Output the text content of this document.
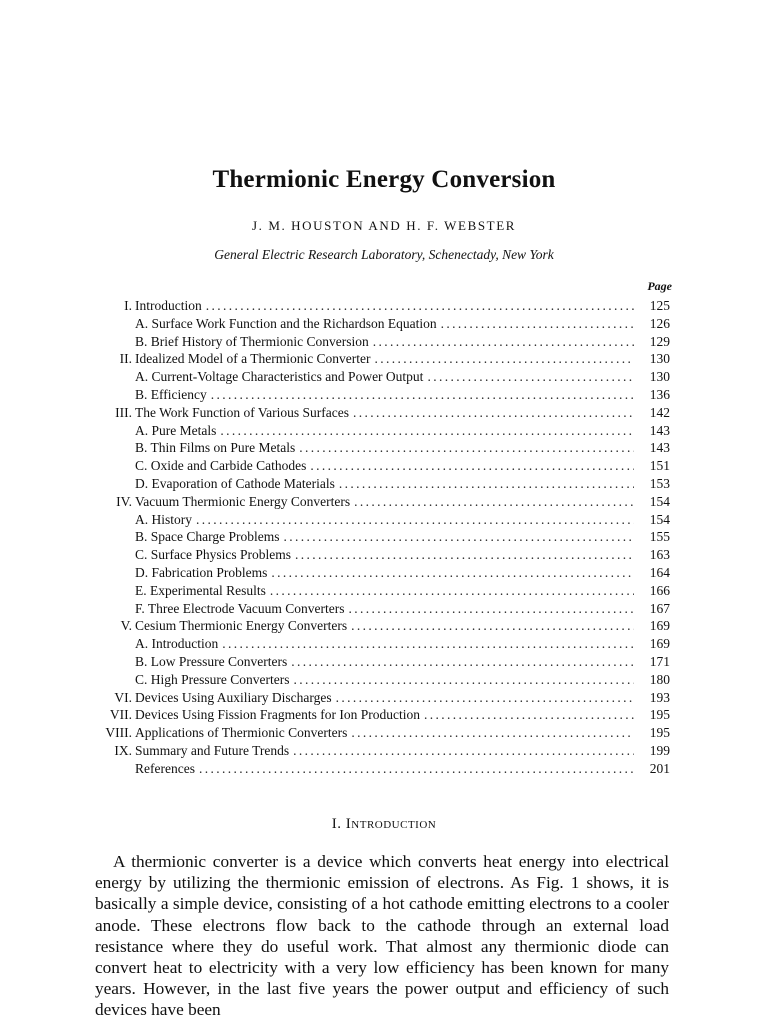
Thermionic Energy Conversion
J. M. HOUSTON AND H. F. WEBSTER
General Electric Research Laboratory, Schenectady, New York
Page
I. Introduction . . .	125
A. Surface Work Function and the Richardson Equation . . .	126
B. Brief History of Thermionic Conversion . . .	129
II. Idealized Model of a Thermionic Converter . . .	130
A. Current-Voltage Characteristics and Power Output . . .	130
B. Efficiency . . .	136
III. The Work Function of Various Surfaces . . .	142
A. Pure Metals . . .	143
B. Thin Films on Pure Metals . . .	143
C. Oxide and Carbide Cathodes . . .	151
D. Evaporation of Cathode Materials . . .	153
IV. Vacuum Thermionic Energy Converters . . .	154
A. History . . .	154
B. Space Charge Problems . . .	155
C. Surface Physics Problems . . .	163
D. Fabrication Problems . . .	164
E. Experimental Results . . .	166
F. Three Electrode Vacuum Converters . . .	167
V. Cesium Thermionic Energy Converters . . .	169
A. Introduction . . .	169
B. Low Pressure Converters . . .	171
C. High Pressure Converters . . .	180
VI. Devices Using Auxiliary Discharges . . .	193
VII. Devices Using Fission Fragments for Ion Production . . .	195
VIII. Applications of Thermionic Converters . . .	195
IX. Summary and Future Trends . . .	199
References . . .	201
I. Introduction

A thermionic converter is a device which converts heat energy into electrical energy by utilizing the thermionic emission of electrons. As Fig. 1 shows, it is basically a simple device, consisting of a hot cathode emitting electrons to a cooler anode. These electrons flow back to the cathode through an external load resistance where they do useful work. That almost any thermionic diode can convert heat to electricity with a very low efficiency has been known for many years. However, in the last five years the power output and efficiency of such devices have been
